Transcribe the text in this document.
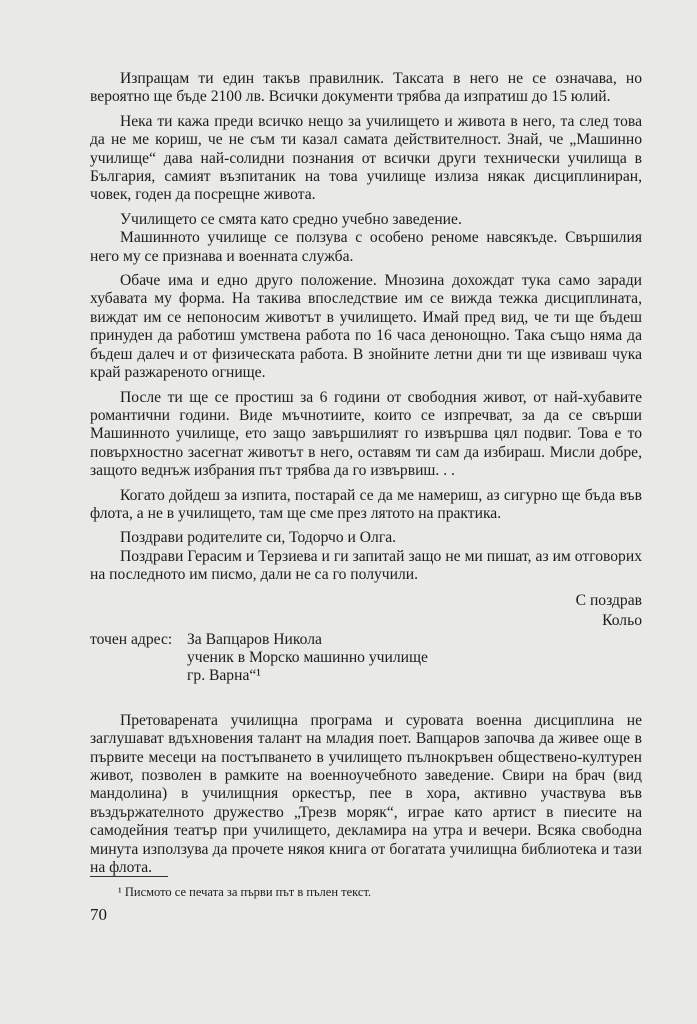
Изпращам ти един такъв правилник. Таксата в него не се означава, но вероятно ще бъде 2100 лв. Всички документи трябва да изпратиш до 15 юлий.

Нека ти кажа преди всичко нещо за училището и живота в него, та след това да не ме кориш, че не съм ти казал самата действителност. Знай, че „Машинно училище“ дава най-солидни познания от всички други технически училища в България, самият възпитаник на това училище излиза някак дисциплиниран, човек, годен да посрещне живота.

Училището се смята като средно учебно заведение.

Машинното училище се ползува с особено реноме навсякъде. Свършилия него му се признава и военната служба.

Обаче има и едно друго положение. Мнозина дохождат тука само заради хубавата му форма. На такива впоследствие им се вижда тежка дисциплината, виждат им се непоносим животът в училището. Имай пред вид, че ти ще бъдеш принуден да работиш умствена работа по 16 часа денонощно. Така също няма да бъдеш далеч и от физическата работа. В знойните летни дни ти ще извиваш чука край разжареното огнище.

После ти ще се простиш за 6 години от свободния живот, от най-хубавите романтични години. Виде мъчнотиите, които се изпречват, за да се свърши Машинното училище, ето защо завършилият го извършва цял подвиг. Това е то повърхностно засегнат животът в него, оставям ти сам да избираш. Мисли добре, защото веднъж избрания път трябва да го извървиш. . .

Когато дойдеш за изпита, постарай се да ме намериш, аз сигурно ще бъда във флота, а не в училището, там ще сме през лятото на практика.

Поздрави родителите си, Тодорчо и Олга.

Поздрави Герасим и Терзиева и ги запитай защо не ми пишат, аз им отговорих на последното им писмо, дали не са го получили.

С поздрав
Кольо
точен адрес: За Вапцаров Никола
ученик в Морско машинно училище
гр. Варна“¹

Претоварената училищна програма и суровата военна дисциплина не заглушават вдъхновения талант на младия поет. Вапцаров започва да живее още в първите месеци на постъпването в училището пълнокръвен обществено-културен живот, позволен в рамките на военноучебното заведение. Свири на брач (вид мандолина) в училищния оркестър, пее в хора, активно участвува във въздържателното дружество „Трезв моряк“, играе като артист в пиесите на самодейния театър при училището, декламира на утра и вечери. Всяка свободна минута използува да прочете някоя книга от богатата училищна библиотека и тази на флота.

¹ Писмото се печата за първи път в пълен текст.
70
